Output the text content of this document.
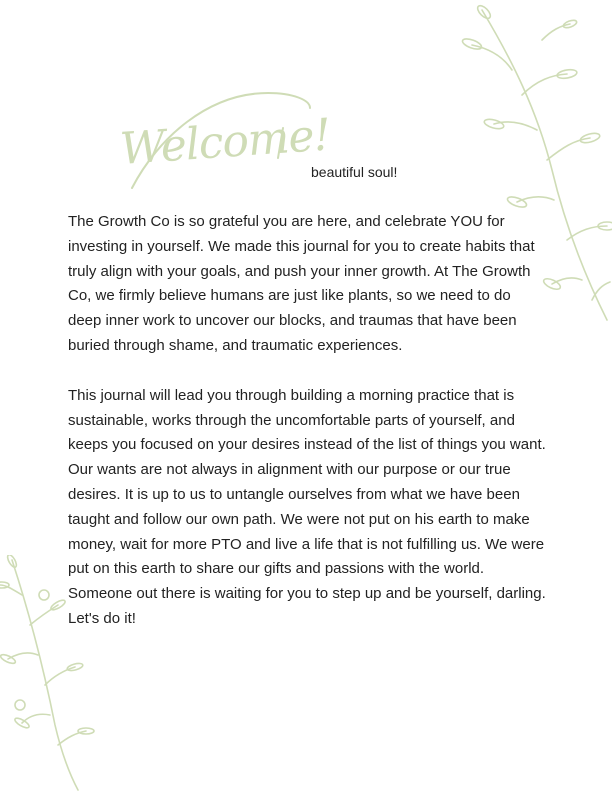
Welcome!
beautiful soul!

The Growth Co is so grateful you are here, and celebrate YOU for investing in yourself. We made this journal for you to create habits that truly align with your goals, and push your inner growth. At The Growth Co, we firmly believe humans are just like plants, so we need to do deep inner work to uncover our blocks, and traumas that have been buried through shame, and traumatic experiences.

This journal will lead you through building a morning practice that is sustainable, works through the uncomfortable parts of yourself, and keeps you focused on your desires instead of the list of things you want. Our wants are not always in alignment with our purpose or our true desires. It is up to us to untangle ourselves from what we have been taught and follow our own path. We were not put on his earth to make money, wait for more PTO and live a life that is not fulfilling us. We were put on this earth to share our gifts and passions with the world. Someone out there is waiting for you to step up and be yourself, darling. Let's do it!
